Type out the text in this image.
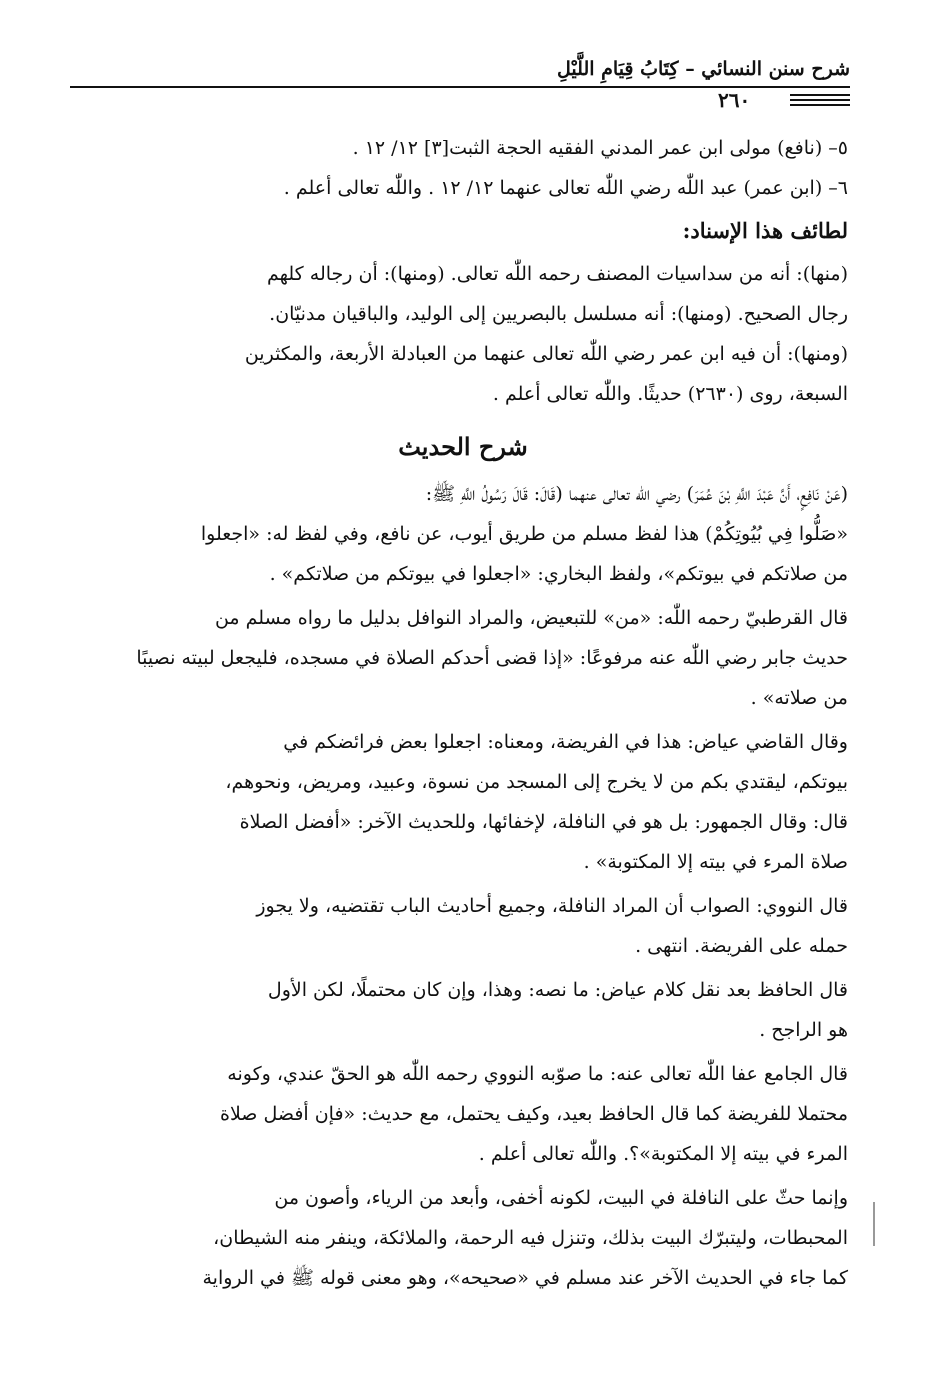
شرح سنن النسائي – كِتَابُ قِيَامِ اللَّيْلِ
٢٦٠

٥– (نافع) مولى ابن عمر المدني الفقيه الحجة الثبت[٣] ١٢/ ١٢ .

٦– (ابن عمر) عبد اللّٰه رضي اللّٰه تعالى عنهما ١٢/ ١٢ . واللّٰه تعالى أعلم .

لطائف هذا الإسناد:

(منها): أنه من سداسيات المصنف رحمه اللّٰه تعالى. (ومنها): أن رجاله كلهم

رجال الصحيح. (ومنها): أنه مسلسل بالبصريين إلى الوليد، والباقيان مدنيّان.

(ومنها): أن فيه ابن عمر رضي اللّٰه تعالى عنهما من العبادلة الأربعة، والمكثرين

السبعة، روى (٢٦٣٠) حديثًا. واللّٰه تعالى أعلم .

شرح الحديث

(عَنْ نَافِعٍ، أَنَّ عَبْدَ اللَّهِ بْنَ عُمَرَ) رضي اللّٰه تعالى عنهما (قَالَ: قَالَ رَسُولُ اللَّهِ ﷺ:

«صَلُّوا فِي بُيُوتِكُمْ) هذا لفظ مسلم من طريق أيوب، عن نافع، وفي لفظ له: «اجعلوا

من صلاتكم في بيوتكم»، ولفظ البخاري: «اجعلوا في بيوتكم من صلاتكم» .

قال القرطبيّ رحمه اللّٰه: «من» للتبعيض، والمراد النوافل بدليل ما رواه مسلم من

حديث جابر رضي اللّٰه عنه مرفوعًا: «إذا قضى أحدكم الصلاة في مسجده، فليجعل لبيته نصيبًا

من صلاته» .

وقال القاضي عياض: هذا في الفريضة، ومعناه: اجعلوا بعض فرائضكم في

بيوتكم، ليقتدي بكم من لا يخرج إلى المسجد من نسوة، وعبيد، ومريض، ونحوهم،

قال: وقال الجمهور: بل هو في النافلة، لإخفائها، وللحديث الآخر: «أفضل الصلاة

صلاة المرء في بيته إلا المكتوبة» .

قال النووي: الصواب أن المراد النافلة، وجميع أحاديث الباب تقتضيه، ولا يجوز

حمله على الفريضة. انتهى .

قال الحافظ بعد نقل كلام عياض: ما نصه: وهذا، وإن كان محتملًا، لكن الأول

هو الراجح .

قال الجامع عفا اللّٰه تعالى عنه: ما صوّبه النووي رحمه اللّٰه هو الحقّ عندي، وكونه

محتملا للفريضة كما قال الحافظ بعيد، وكيف يحتمل، مع حديث: «فإن أفضل صلاة

المرء في بيته إلا المكتوبة»؟. واللّٰه تعالى أعلم .

وإنما حثّ على النافلة في البيت، لكونه أخفى، وأبعد من الرياء، وأصون من

المحبطات، وليتبرّك البيت بذلك، وتنزل فيه الرحمة، والملائكة، وينفر منه الشيطان،

كما جاء في الحديث الآخر عند مسلم في «صحيحه»، وهو معنى قوله ﷺ في الرواية
